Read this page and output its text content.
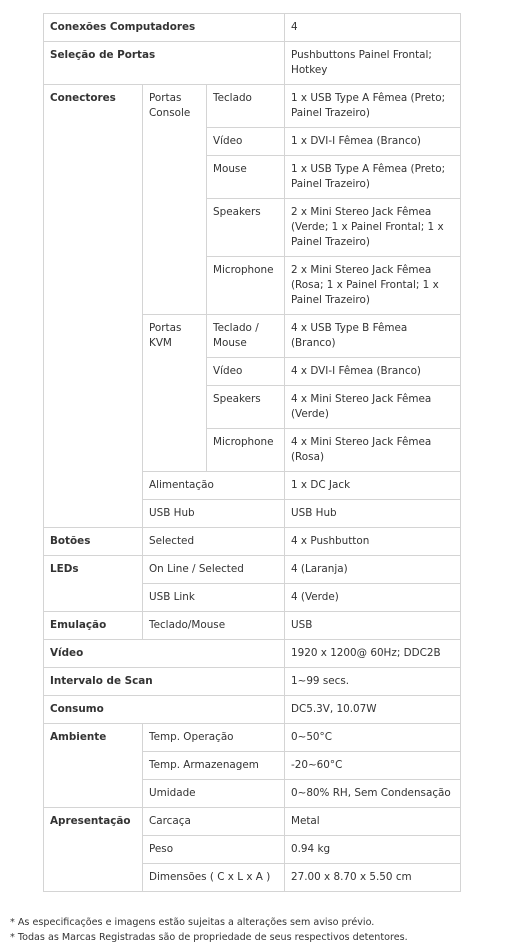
Conexões Computadores			4
Seleção de Portas			Pushbuttons Painel Frontal; Hotkey
Conectores	Portas Console	Teclado	1 x USB Type A Fêmea (Preto; Painel Trazeiro)
		Vídeo	1 x DVI-I Fêmea (Branco)
		Mouse	1 x USB Type A Fêmea (Preto; Painel Trazeiro)
		Speakers	2 x Mini Stereo Jack Fêmea (Verde; 1 x Painel Frontal; 1 x Painel Trazeiro)
		Microphone	2 x Mini Stereo Jack Fêmea (Rosa; 1 x Painel Frontal; 1 x Painel Trazeiro)
	Portas KVM	Teclado / Mouse	4 x USB Type B Fêmea (Branco)
		Vídeo	4 x DVI-I Fêmea (Branco)
		Speakers	4 x Mini Stereo Jack Fêmea (Verde)
		Microphone	4 x Mini Stereo Jack Fêmea (Rosa)
	Alimentação		1 x DC Jack
	USB Hub		USB Hub
Botões	Selected		4 x Pushbutton
LEDs	On Line / Selected		4 (Laranja)
	USB Link		4 (Verde)
Emulação	Teclado/Mouse		USB
Vídeo			1920 x 1200@ 60Hz; DDC2B
Intervalo de Scan			1~99 secs.
Consumo			DC5.3V, 10.07W
Ambiente	Temp. Operação		0~50°C
	Temp. Armazenagem		-20~60°C
	Umidade		0~80% RH, Sem Condensação
Apresentação	Carcaça		Metal
	Peso		0.94 kg
	Dimensões ( C x L x A )		27.00 x 8.70 x 5.50 cm
* As especificações e imagens estão sujeitas a alterações sem aviso prévio.
* Todas as Marcas Registradas são de propriedade de seus respectivos detentores.
